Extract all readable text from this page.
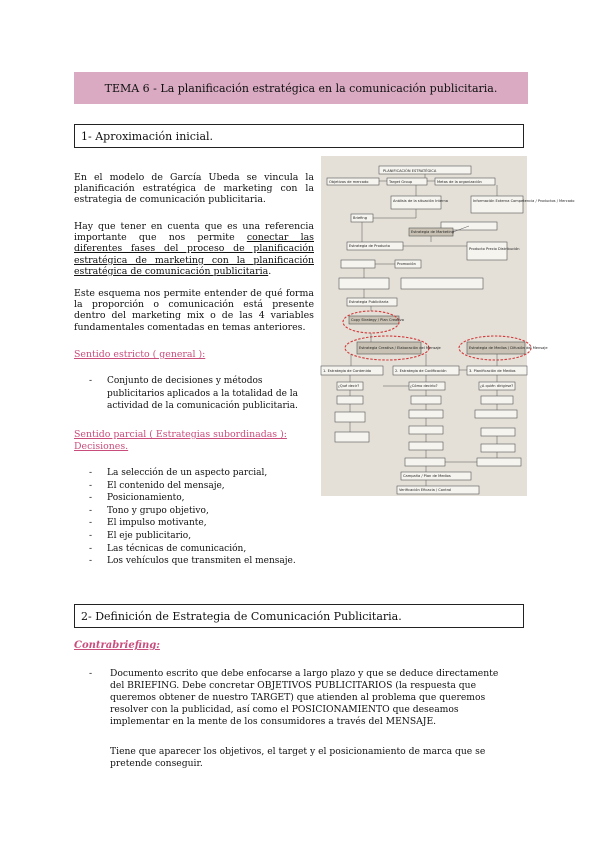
TEMA 6 - La planificación estratégica en la comunicación publicitaria.
1- Aproximación inicial.
En el modelo de García Ubeda se vincula la planificación estratégica de marketing con la estrategia de comunicación publicitaria.
Hay que tener en cuenta que es una referencia importante que nos permite conectar las diferentes fases del proceso de planificación estratégica de marketing con la planificación estratégica de comunicación publicitaria.
Este esquema nos permite entender de qué forma la proporción o comunicación está presente dentro del marketing mix o de las 4 variables fundamentales comentadas en temas anteriores.
Sentido estricto ( general ):
- Conjunto de decisiones y métodos publicitarios aplicados a la totalidad de la actividad de la comunicación publicitaria.
Sentido parcial ( Estrategias subordinadas ):
Decisiones.
- La selección de un aspecto parcial,
- El contenido del mensaje,
- Posicionamiento,
- Tono y grupo objetivo,
- El impulso motivante,
- El eje publicitario,
- Las técnicas de comunicación,
- Los vehículos que transmiten el mensaje.
PLANIFICACIÓN ESTRATÉGICA
Objetivos de mercado	Target Group	Metas de la organización
Análisis de la situación Interna	Información Externa Competencia / Productos / Mercado
Briefing
Estrategia de Marketing
Estrategia de Producto
Producto Precio Distribución
Promoción
Estrategia Publicitaria
Copy Strategy / Plan Creativo
Estrategia Creativa / Elaboración del Mensaje	Estrategia de Medios / Difusión del Mensaje
1. Estrategia de Contenido	2. Estrategia de Codificación	3. Planificación de Medios
¿Qué decir?	¿Cómo decirlo?	¿A quién dirigirse?
Campaña / Plan de Medios
Verificación Eficacia / Control
2- Definición de Estrategia de Comunicación Publicitaria.
Contrabriefing:
- Documento escrito que debe enfocarse a largo plazo y que se deduce directamente del BRIEFING. Debe concretar OBJETIVOS PUBLICITARIOS (la respuesta que queremos obtener de nuestro TARGET) que atienden al problema que queremos resolver con la publicidad, así como el POSICIONAMIENTO que deseamos implementar en la mente de los consumidores a través del MENSAJE.
Tiene que aparecer los objetivos, el target y el posicionamiento de marca que se pretende conseguir.
